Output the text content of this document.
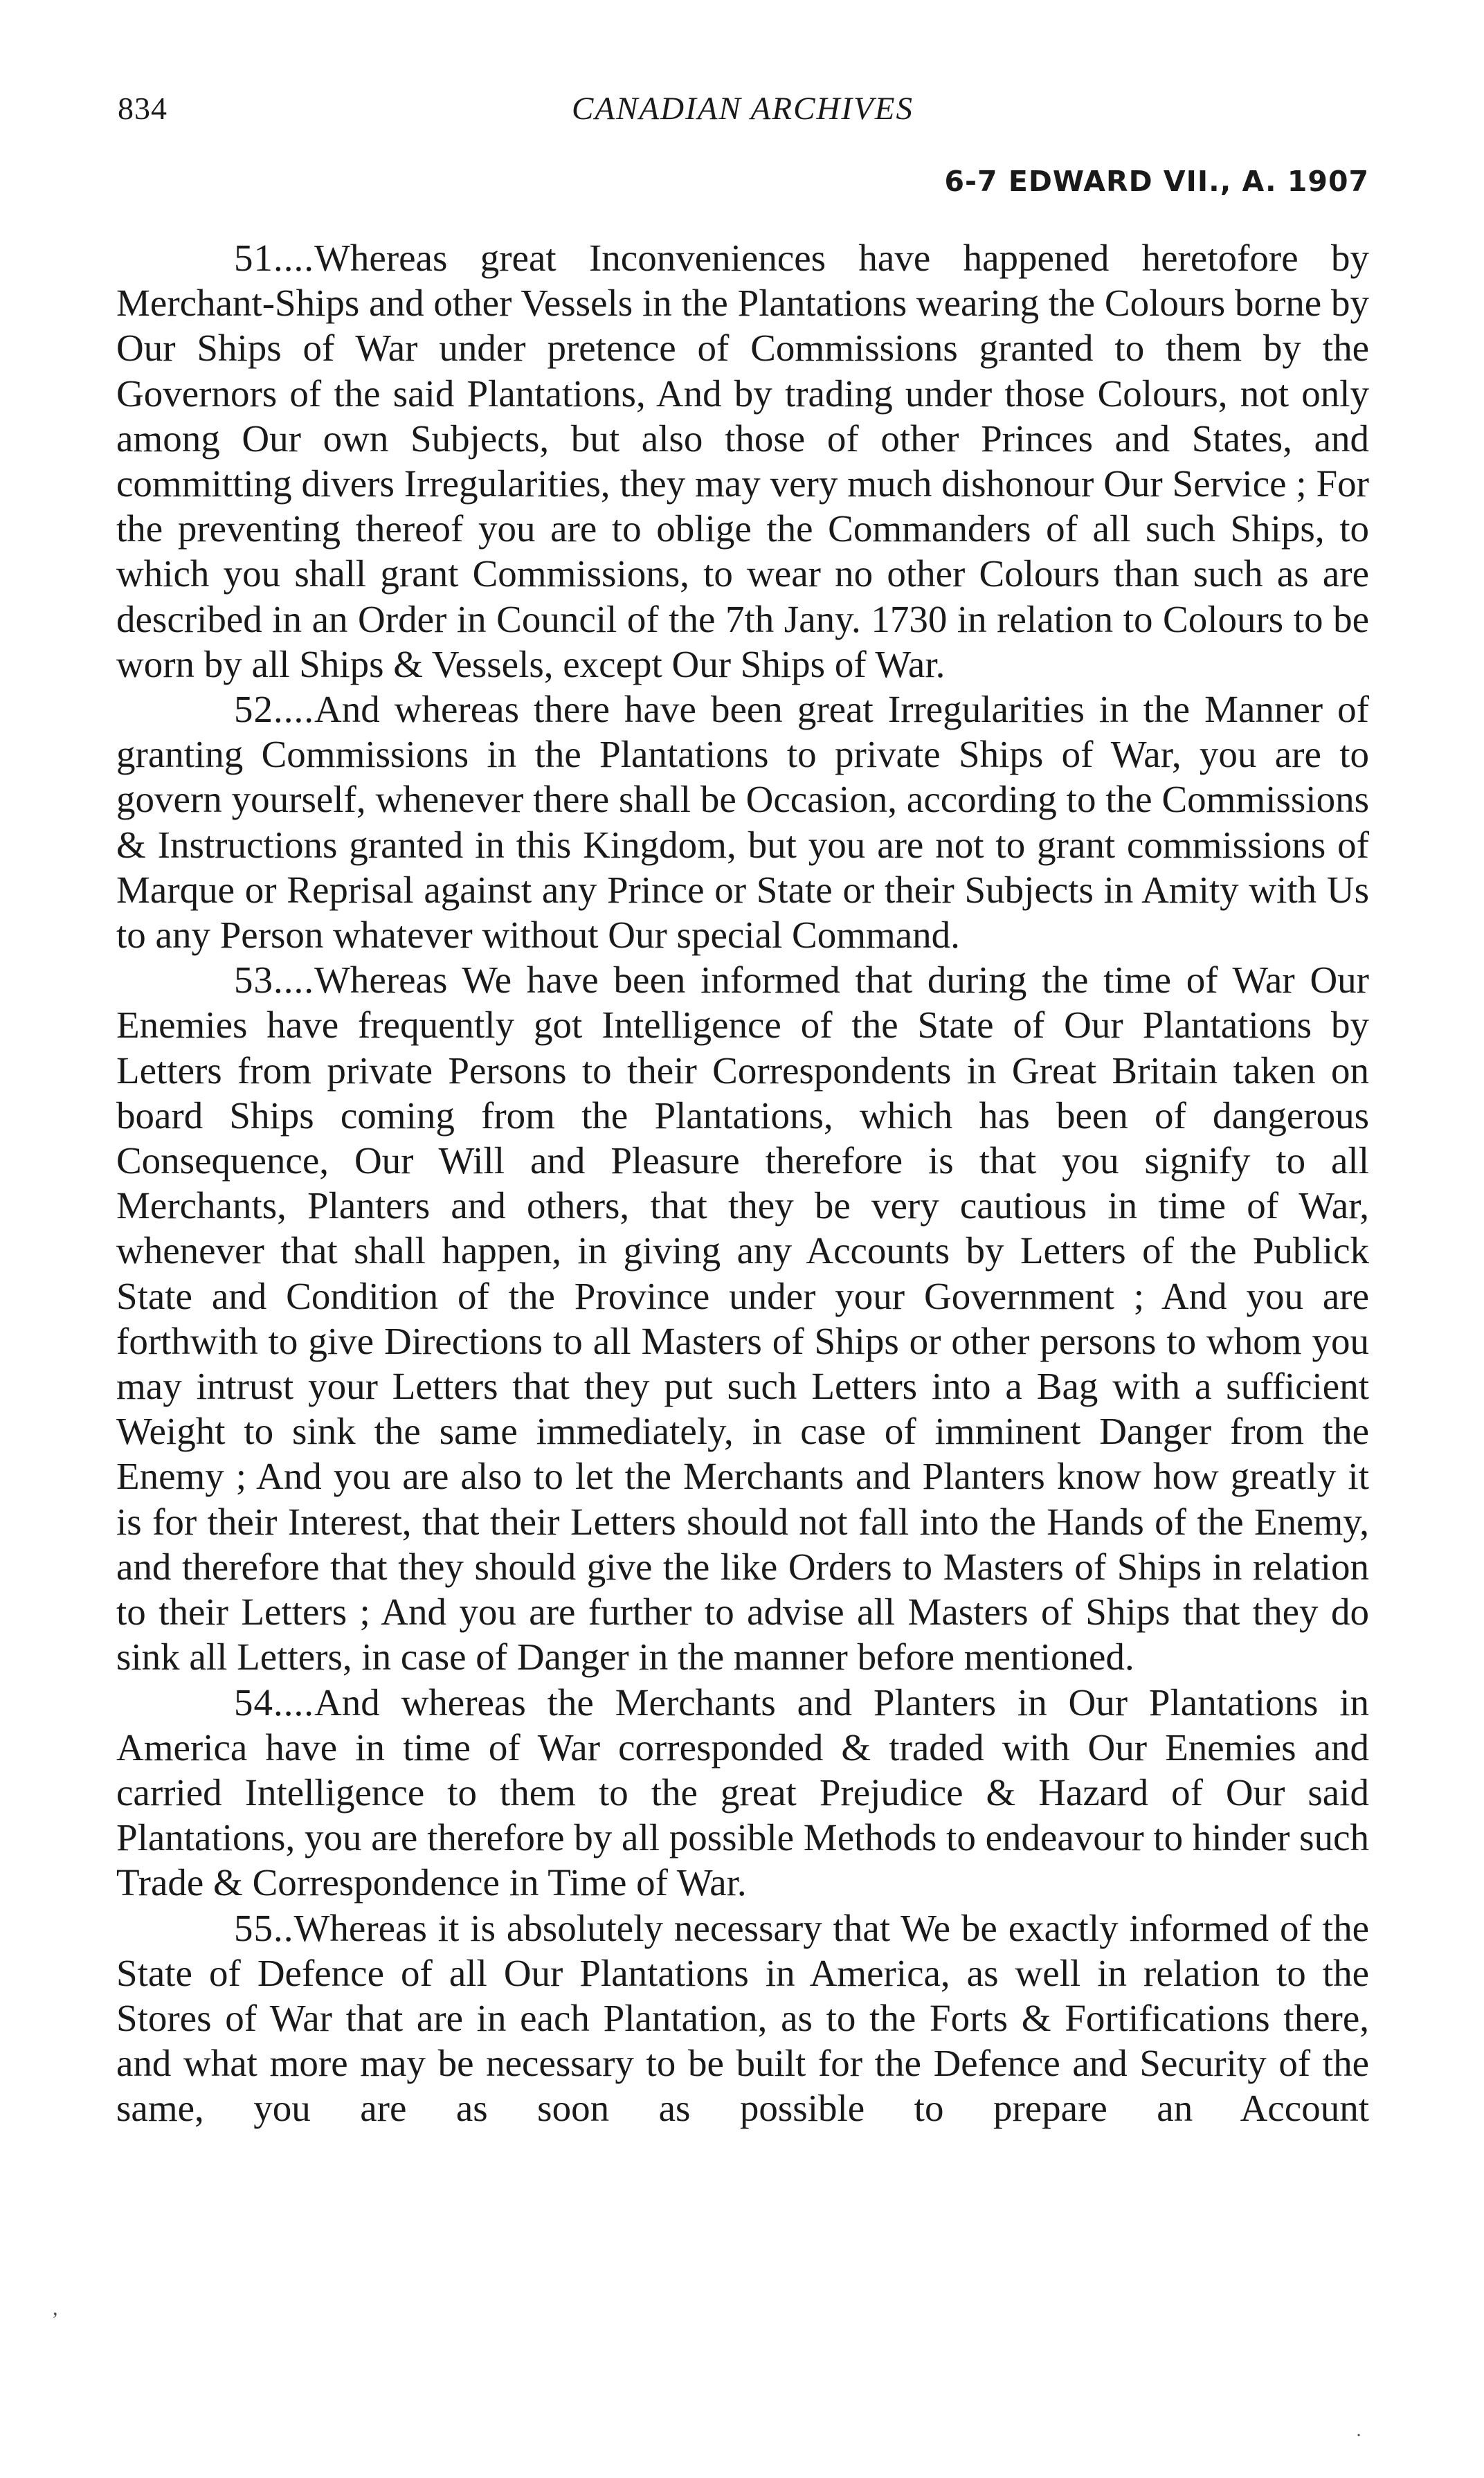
834	CANADIAN ARCHIVES
6-7 EDWARD VII., A. 1907

51....Whereas great Inconveniences have happened heretofore by Merchant-Ships and other Vessels in the Plantations wearing the Colours borne by Our Ships of War under pretence of Commissions granted to them by the Governors of the said Plantations, And by trading under those Colours, not only among Our own Subjects, but also those of other Princes and States, and committing divers Irregularities, they may very much dishonour Our Service ; For the preventing thereof you are to oblige the Commanders of all such Ships, to which you shall grant Commissions, to wear no other Colours than such as are described in an Order in Council of the 7th Jany. 1730 in relation to Colours to be worn by all Ships & Vessels, except Our Ships of War.

52....And whereas there have been great Irregularities in the Manner of granting Commissions in the Plantations to private Ships of War, you are to govern yourself, whenever there shall be Occasion, according to the Commissions & Instructions granted in this Kingdom, but you are not to grant commissions of Marque or Reprisal against any Prince or State or their Subjects in Amity with Us to any Person whatever without Our special Command.

53....Whereas We have been informed that during the time of War Our Enemies have frequently got Intelligence of the State of Our Plantations by Letters from private Persons to their Correspondents in Great Britain taken on board Ships coming from the Plantations, which has been of dangerous Consequence, Our Will and Pleasure therefore is that you signify to all Merchants, Planters and others, that they be very cautious in time of War, whenever that shall happen, in giving any Accounts by Letters of the Publick State and Condition of the Province under your Government ; And you are forthwith to give Directions to all Masters of Ships or other persons to whom you may intrust your Letters that they put such Letters into a Bag with a sufficient Weight to sink the same immediately, in case of imminent Danger from the Enemy ; And you are also to let the Merchants and Planters know how greatly it is for their Interest, that their Letters should not fall into the Hands of the Enemy, and therefore that they should give the like Orders to Masters of Ships in relation to their Letters ; And you are further to advise all Masters of Ships that they do sink all Letters, in case of Danger in the manner before mentioned.

54....And whereas the Merchants and Planters in Our Plantations in America have in time of War corresponded & traded with Our Enemies and carried Intelligence to them to the great Prejudice & Hazard of Our said Plantations, you are therefore by all possible Methods to endeavour to hinder such Trade & Correspondence in Time of War.

55..Whereas it is absolutely necessary that We be exactly informed of the State of Defence of all Our Plantations in America, as well in relation to the Stores of War that are in each Plantation, as to the Forts & Fortifications there, and what more may be necessary to be built for the Defence and Security of the same, you are as soon as possible to prepare an Account

,
˙
